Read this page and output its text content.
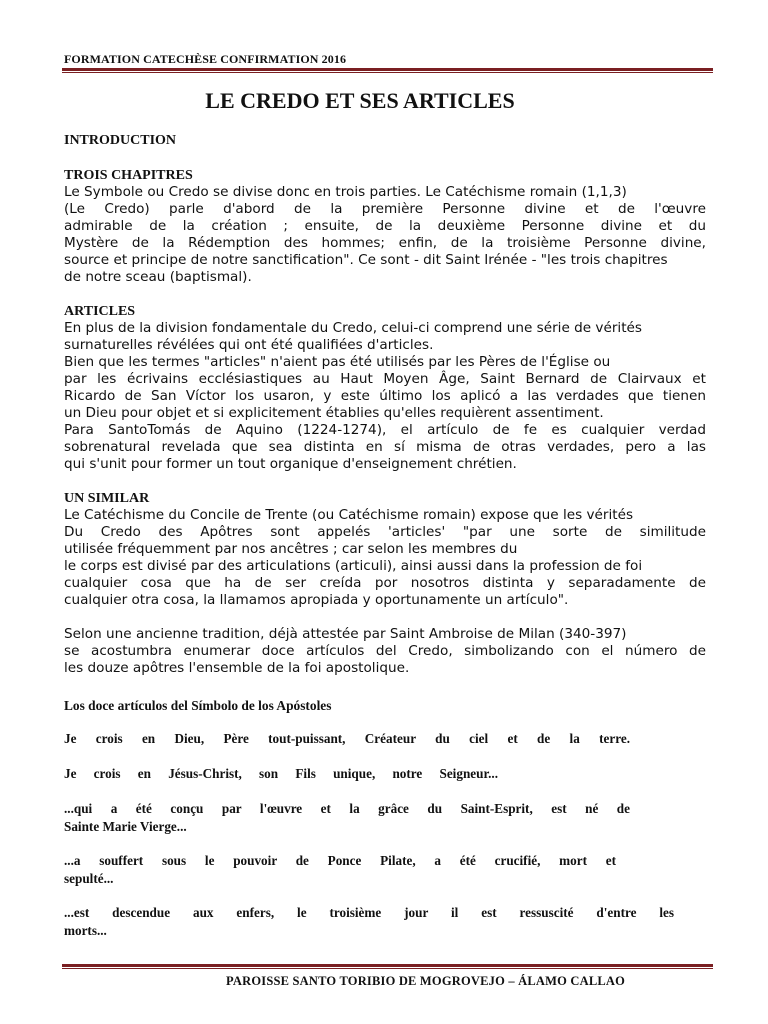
FORMATION CATECHÈSE CONFIRMATION 2016
LE CREDO ET SES ARTICLES
INTRODUCTION
TROIS CHAPITRES
Le Symbole ou Credo se divise donc en trois parties. Le Catéchisme romain (1,1,3)
(Le Credo) parle d'abord de la première Personne divine et de l'œuvre
admirable de la création ; ensuite, de la deuxième Personne divine et du
Mystère de la Rédemption des hommes; enfin, de la troisième Personne divine,
source et principe de notre sanctification". Ce sont - dit Saint Irénée - "les trois chapitres
de notre sceau (baptismal).
ARTICLES
En plus de la division fondamentale du Credo, celui-ci comprend une série de vérités
surnaturelles révélées qui ont été qualifiées d'articles.
Bien que les termes "articles" n'aient pas été utilisés par les Pères de l'Église ou
par les écrivains ecclésiastiques au Haut Moyen Âge, Saint Bernard de Clairvaux et
Ricardo de San Víctor los usaron, y este último los aplicó a las verdades que tienen
un Dieu pour objet et si explicitement établies qu'elles requièrent assentiment.
Para SantoTomás de Aquino (1224-1274), el artículo de fe es cualquier verdad
sobrenatural revelada que sea distinta en sí misma de otras verdades, pero a las
qui s'unit pour former un tout organique d'enseignement chrétien.
UN SIMILAR
Le Catéchisme du Concile de Trente (ou Catéchisme romain) expose que les vérités
Du Credo des Apôtres sont appelés 'articles' "par une sorte de similitude
utilisée fréquemment par nos ancêtres ; car selon les membres du
le corps est divisé par des articulations (articuli), ainsi aussi dans la profession de foi
cualquier cosa que ha de ser creída por nosotros distinta y separadamente de
cualquier otra cosa, la llamamos apropiada y oportunamente un artículo".
Selon une ancienne tradition, déjà attestée par Saint Ambroise de Milan (340-397)
se acostumbra enumerar doce artículos del Credo, simbolizando con el número de
les douze apôtres l'ensemble de la foi apostolique.
Los doce artículos del Símbolo de los Apóstoles
Je crois en Dieu, Père tout-puissant, Créateur du ciel et de la terre.
Je crois en Jésus-Christ, son Fils unique, notre Seigneur...
...qui a été conçu par l'œuvre et la grâce du Saint-Esprit, est né de
Sainte Marie Vierge...
...a souffert sous le pouvoir de Ponce Pilate, a été crucifié, mort et
sepulté...
...est descendue aux enfers, le troisième jour il est ressuscité d'entre les
morts...
PAROISSE SANTO TORIBIO DE MOGROVEJO – ÁLAMO CALLAO
